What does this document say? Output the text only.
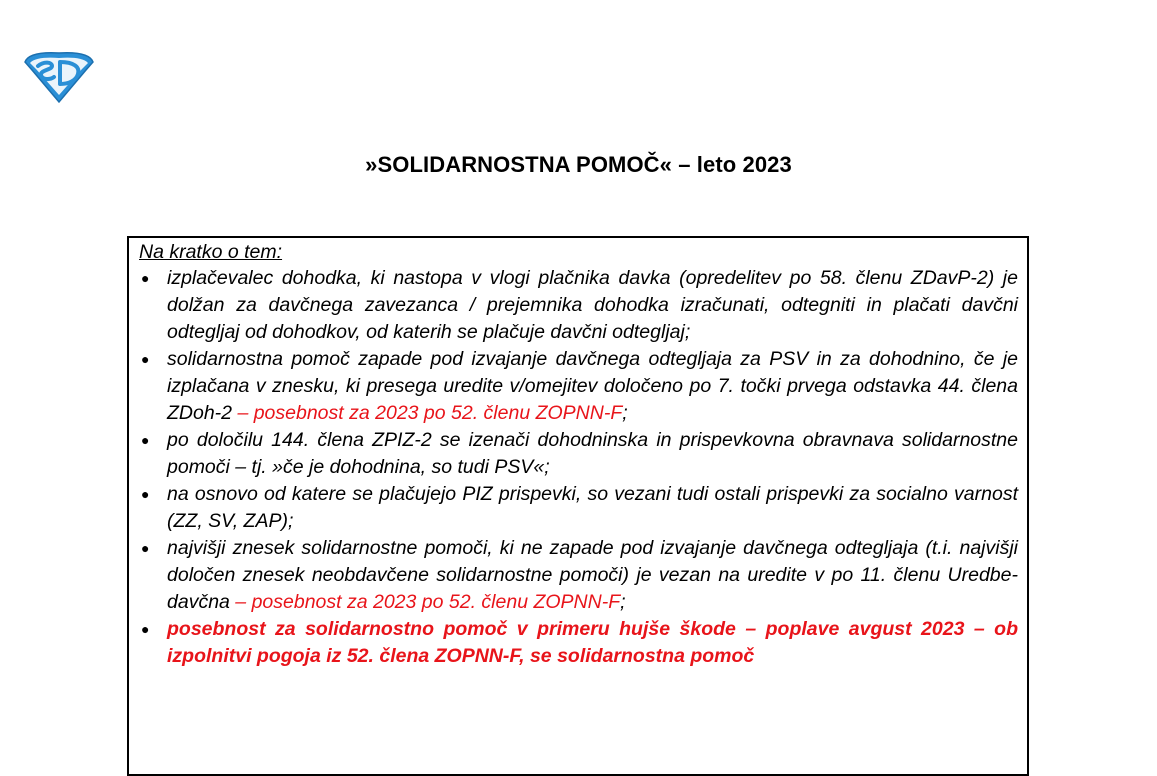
»SOLIDARNOSTNA POMOČ« – leto 2023
Na kratko o tem:
● izplačevalec dohodka, ki nastopa v vlogi plačnika davka (opredelitev po 58. členu ZDavP-2) je dolžan za davčnega zavezanca / prejemnika dohodka izračunati, odtegniti in plačati davčni odtegljaj od dohodkov, od katerih se plačuje davčni odtegljaj;
● solidarnostna pomoč zapade pod izvajanje davčnega odtegljaja za PSV in za dohodnino, če je izplačana v znesku, ki presega uredite v/omejitev določeno po 7. točki prvega odstavka 44. člena ZDoh-2 – posebnost za 2023 po 52. členu ZOPNN-F;
● po določilu 144. člena ZPIZ-2 se izenači dohodninska in prispevkovna obravnava solidarnostne pomoči – tj. »če je dohodnina, so tudi PSV«;
● na osnovo od katere se plačujejo PIZ prispevki, so vezani tudi ostali prispevki za socialno varnost (ZZ, SV, ZAP);
● najvišji znesek solidarnostne pomoči, ki ne zapade pod izvajanje davčnega odtegljaja (t.i. najvišji določen znesek neobdavčene solidarnostne pomoči) je vezan na uredite v po 11. členu Uredbe-davčna – posebnost za 2023 po 52. členu ZOPNN-F;
● posebnost za solidarnostno pomoč v primeru hujše škode – poplave avgust 2023 – ob izpolnitvi pogoja iz 52. člena ZOPNN-F, se solidarnostna pomoč
